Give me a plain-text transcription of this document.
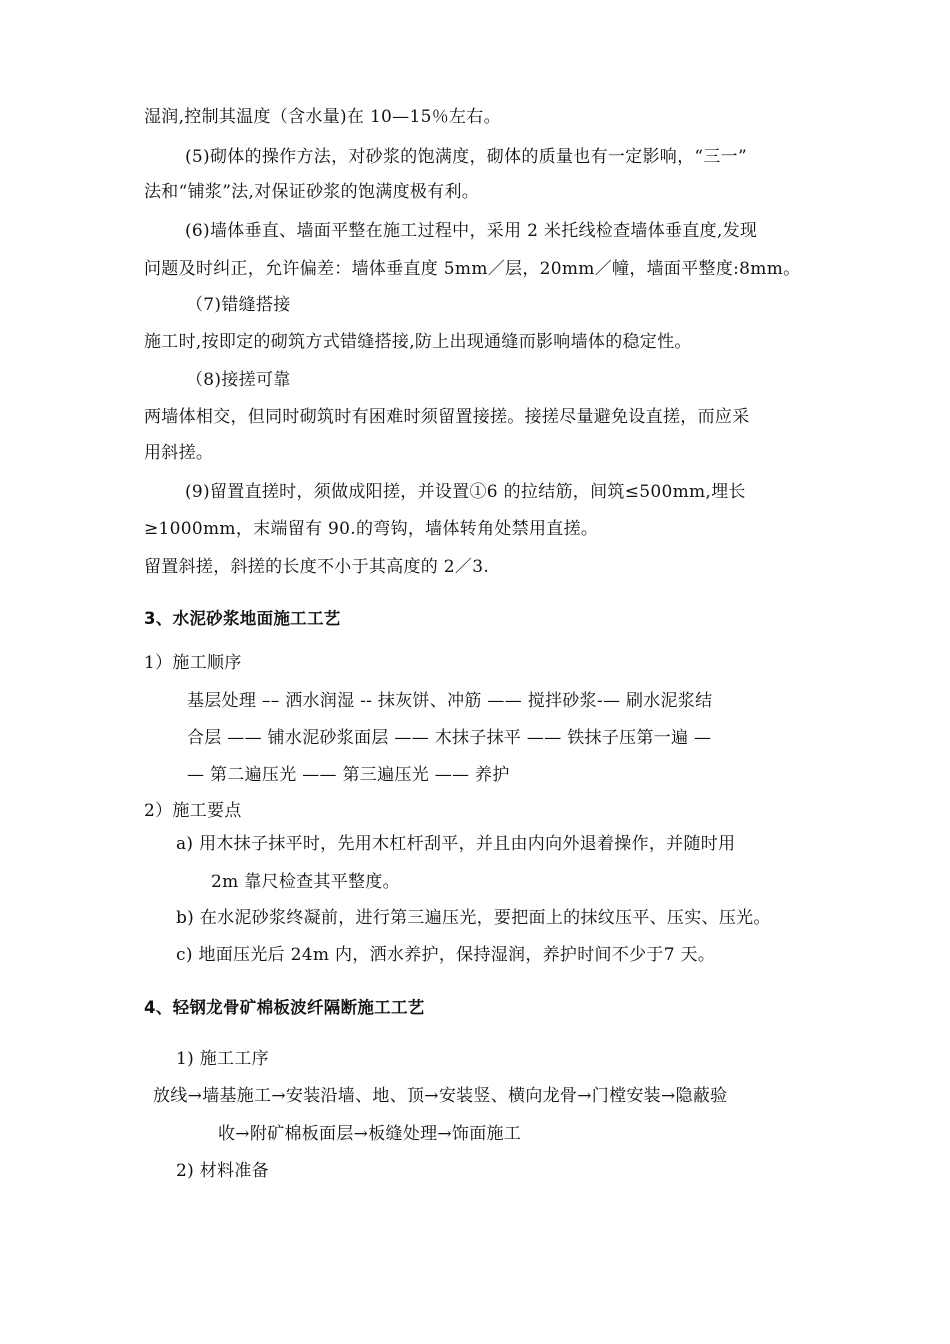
湿润,控制其温度（含水量)在 10—15％左右。
(5)砌体的操作方法，对砂浆的饱满度，砌体的质量也有一定影响，“三一”
法和“铺浆”法,对保证砂浆的饱满度极有利。
(6)墙体垂直、墙面平整在施工过程中，采用 2 米托线检查墙体垂直度,发现
问题及时纠正，允许偏差：墙体垂直度 5mm／层，20mm／幢，墙面平整度:8mm。
（7)错缝搭接
施工时,按即定的砌筑方式错缝搭接,防上出现通缝而影响墙体的稳定性。
（8)接搓可靠
两墙体相交，但同时砌筑时有困难时须留置接搓。接搓尽量避免设直搓，而应采
用斜搓。
(9)留置直搓时，须做成阳搓，并设置①6 的拉结筋，间筑≤500mm,埋长
≥1000mm，末端留有 90.的弯钩，墙体转角处禁用直搓。
留置斜搓，斜搓的长度不小于其高度的 2／3.
3、水泥砂浆地面施工工艺
1）施工顺序
基层处理 –– 洒水润湿 -- 抹灰饼、冲筋 —— 搅拌砂浆-— 刷水泥浆结
合层 —— 铺水泥砂浆面层 —— 木抹子抹平 —— 铁抹子压第一遍 —
— 第二遍压光 —— 第三遍压光 —— 养护
2）施工要点
a) 用木抹子抹平时，先用木杠杆刮平，并且由内向外退着操作，并随时用
2m 靠尺检查其平整度。
b) 在水泥砂浆终凝前，进行第三遍压光，要把面上的抹纹压平、压实、压光。
c) 地面压光后 24m 内，洒水养护，保持湿润，养护时间不少于7 天。
4、轻钢龙骨矿棉板波纤隔断施工工艺
1) 施工工序
放线→墙基施工→安装沿墙、地、顶→安装竖、横向龙骨→门樘安装→隐蔽验
收→附矿棉板面层→板缝处理→饰面施工
2) 材料准备
